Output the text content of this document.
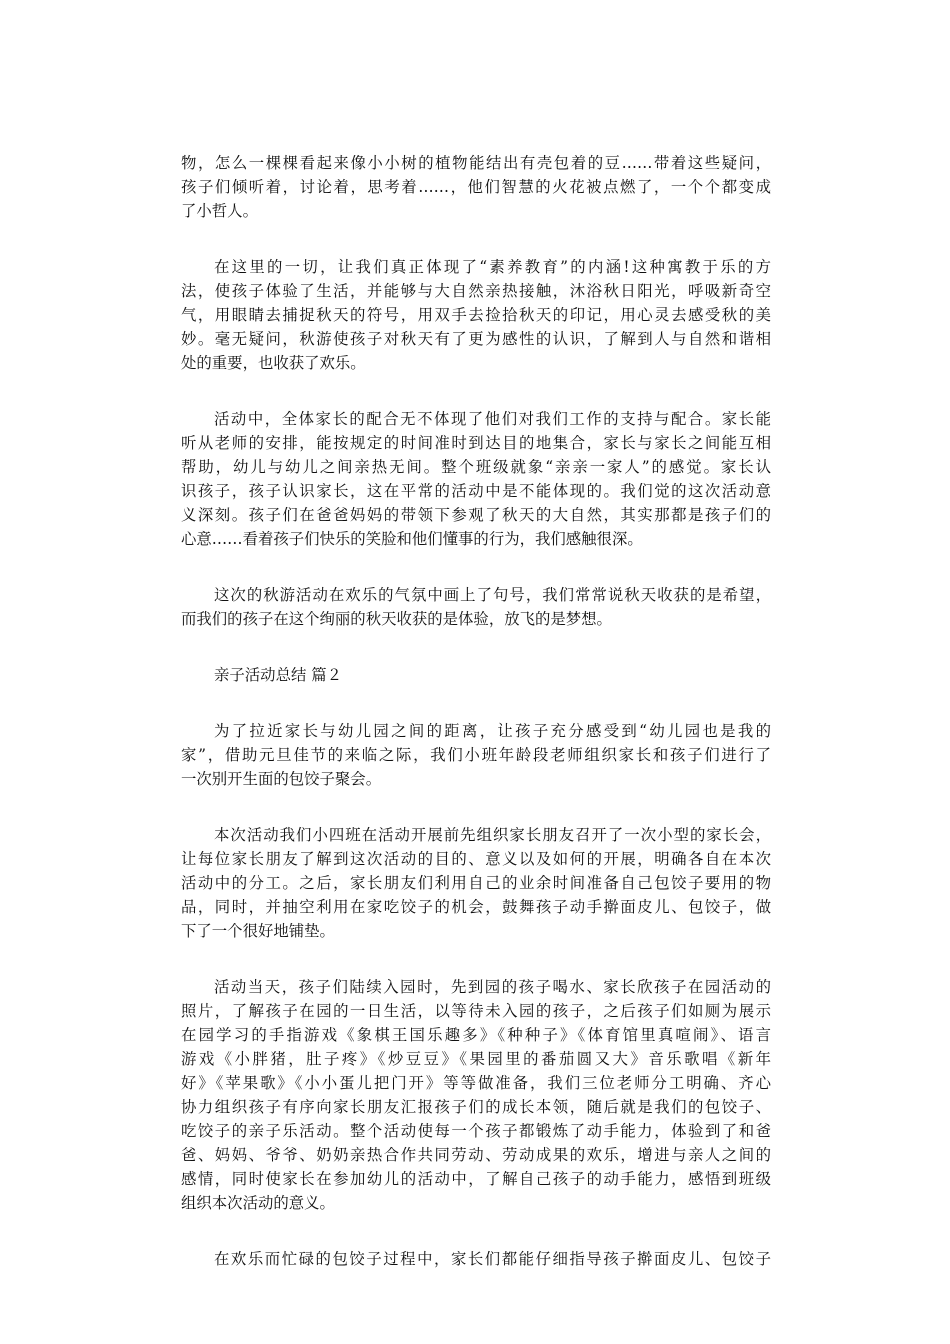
物，怎么一棵棵看起来像小小树的植物能结出有壳包着的豆……带着这些疑问，
孩子们倾听着，讨论着，思考着……，他们智慧的火花被点燃了，一个个都变成
了小哲人。
在这里的一切，让我们真正体现了“素养教育”的内涵!这种寓教于乐的方
法，使孩子体验了生活，并能够与大自然亲热接触，沐浴秋日阳光，呼吸新奇空
气，用眼睛去捕捉秋天的符号，用双手去捡拾秋天的印记，用心灵去感受秋的美
妙。毫无疑问，秋游使孩子对秋天有了更为感性的认识，了解到人与自然和谐相
处的重要，也收获了欢乐。
活动中，全体家长的配合无不体现了他们对我们工作的支持与配合。家长能
听从老师的安排，能按规定的时间准时到达目的地集合，家长与家长之间能互相
帮助，幼儿与幼儿之间亲热无间。整个班级就象“亲亲一家人”的感觉。家长认
识孩子，孩子认识家长，这在平常的活动中是不能体现的。我们觉的这次活动意
义深刻。孩子们在爸爸妈妈的带领下参观了秋天的大自然，其实那都是孩子们的
心意……看着孩子们快乐的笑脸和他们懂事的行为，我们感触很深。
这次的秋游活动在欢乐的气氛中画上了句号，我们常常说秋天收获的是希望，
而我们的孩子在这个绚丽的秋天收获的是体验，放飞的是梦想。
亲子活动总结 篇２
为了拉近家长与幼儿园之间的距离，让孩子充分感受到“幼儿园也是我的
家”，借助元旦佳节的来临之际，我们小班年龄段老师组织家长和孩子们进行了
一次别开生面的包饺子聚会。
本次活动我们小四班在活动开展前先组织家长朋友召开了一次小型的家长会，
让每位家长朋友了解到这次活动的目的、意义以及如何的开展，明确各自在本次
活动中的分工。之后，家长朋友们利用自己的业余时间准备自己包饺子要用的物
品，同时，并抽空利用在家吃饺子的机会，鼓舞孩子动手擀面皮儿、包饺子，做
下了一个很好地铺垫。
活动当天，孩子们陆续入园时，先到园的孩子喝水、家长欣孩子在园活动的
照片，了解孩子在园的一日生活，以等待未入园的孩子，之后孩子们如厕为展示
在园学习的手指游戏《象棋王国乐趣多》《种种子》《体育馆里真喧闹》、语言
游戏《小胖猪，肚子疼》《炒豆豆》《果园里的番茄圆又大》音乐歌唱《新年
好》《苹果歌》《小小蛋儿把门开》等等做准备，我们三位老师分工明确、齐心
协力组织孩子有序向家长朋友汇报孩子们的成长本领，随后就是我们的包饺子、
吃饺子的亲子乐活动。整个活动使每一个孩子都锻炼了动手能力，体验到了和爸
爸、妈妈、爷爷、奶奶亲热合作共同劳动、劳动成果的欢乐，增进与亲人之间的
感情，同时使家长在参加幼儿的活动中，了解自己孩子的动手能力，感悟到班级
组织本次活动的意义。
在欢乐而忙碌的包饺子过程中，家长们都能仔细指导孩子擀面皮儿、包饺子
